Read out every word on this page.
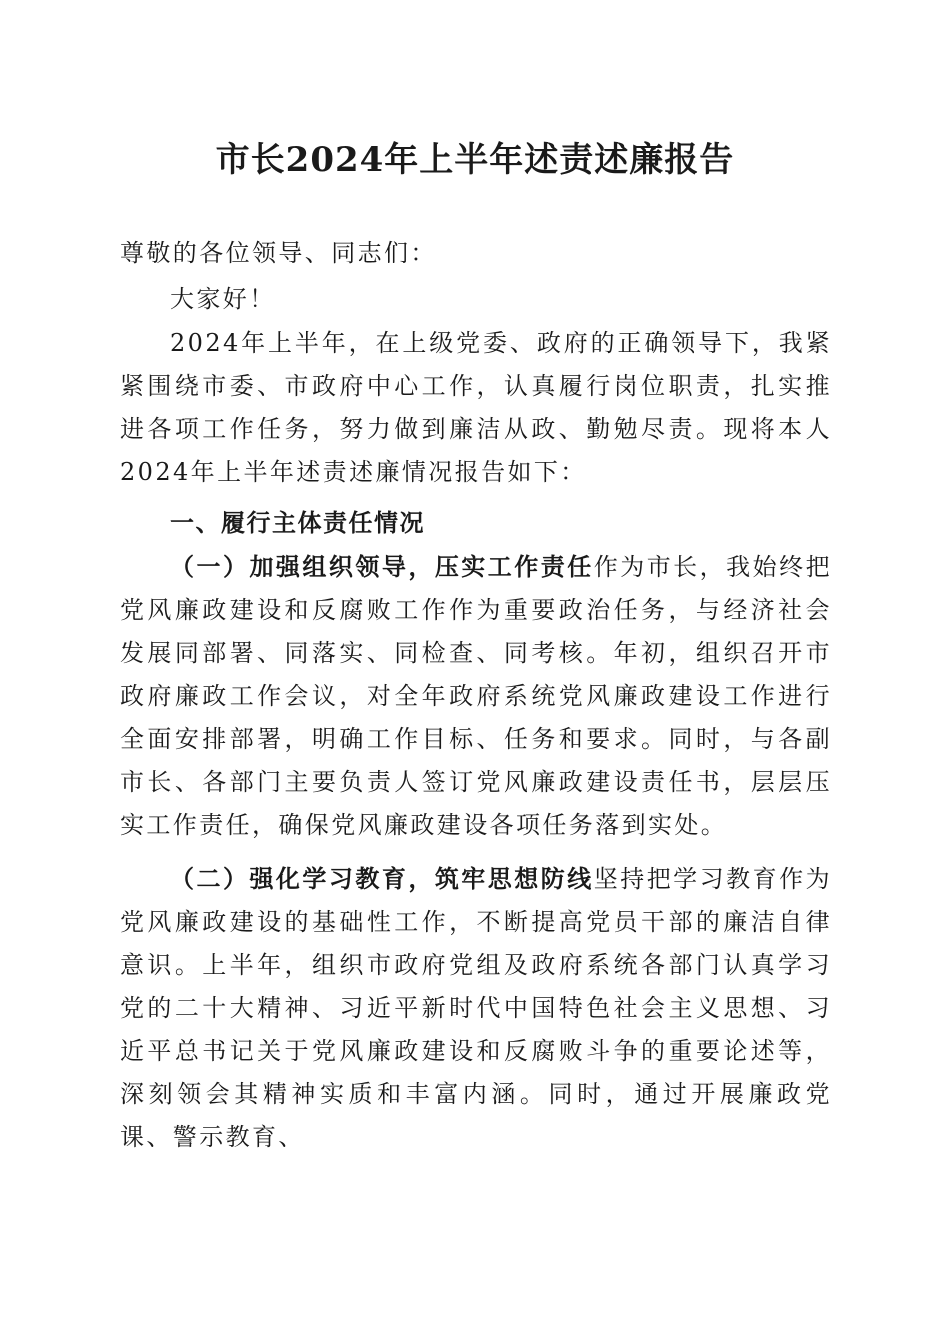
市长2024年上半年述责述廉报告

尊敬的各位领导、同志们：

大家好！

2024年上半年，在上级党委、政府的正确领导下，我紧紧围绕市委、市政府中心工作，认真履行岗位职责，扎实推进各项工作任务，努力做到廉洁从政、勤勉尽责。现将本人2024年上半年述责述廉情况报告如下：

一、履行主体责任情况

（一）加强组织领导，压实工作责任作为市长，我始终把党风廉政建设和反腐败工作作为重要政治任务，与经济社会发展同部署、同落实、同检查、同考核。年初，组织召开市政府廉政工作会议，对全年政府系统党风廉政建设工作进行全面安排部署，明确工作目标、任务和要求。同时，与各副市长、各部门主要负责人签订党风廉政建设责任书，层层压实工作责任，确保党风廉政建设各项任务落到实处。

（二）强化学习教育，筑牢思想防线坚持把学习教育作为党风廉政建设的基础性工作，不断提高党员干部的廉洁自律意识。上半年，组织市政府党组及政府系统各部门认真学习党的二十大精神、习近平新时代中国特色社会主义思想、习近平总书记关于党风廉政建设和反腐败斗争的重要论述等，深刻领会其精神实质和丰富内涵。同时，通过开展廉政党课、警示教育、
